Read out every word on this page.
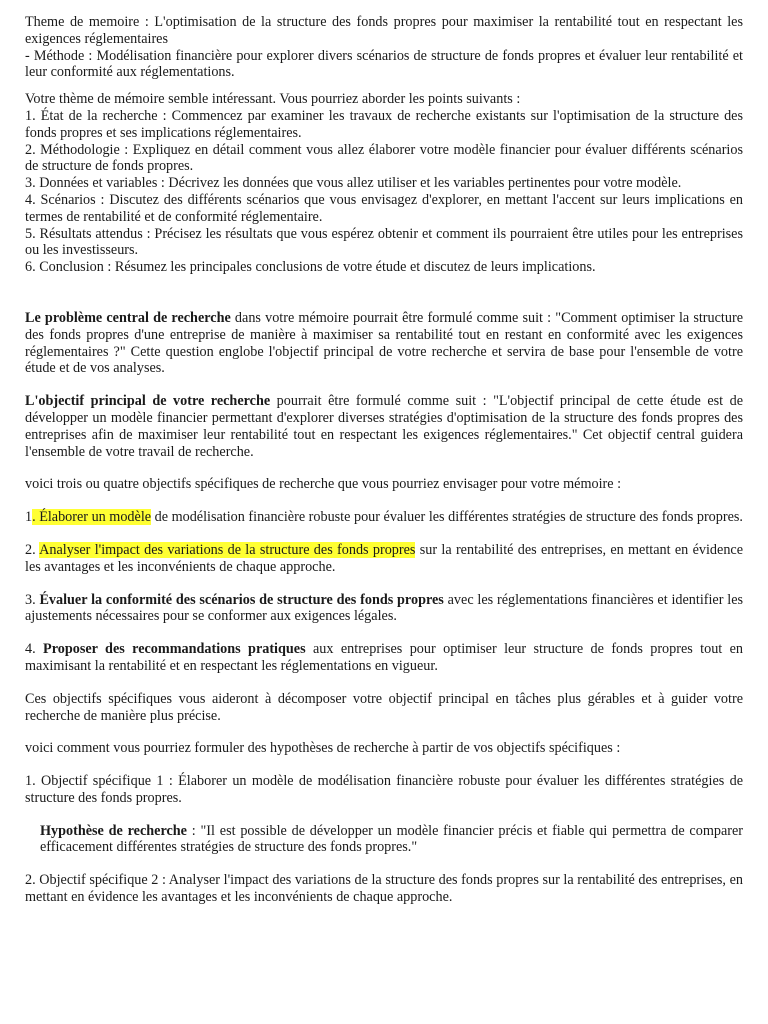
Theme de memoire : L'optimisation de la structure des fonds propres pour maximiser la rentabilité tout en respectant les exigences réglementaires

- Méthode : Modélisation financière pour explorer divers scénarios de structure de fonds propres et évaluer leur rentabilité et leur conformité aux réglementations.

Votre thème de mémoire semble intéressant. Vous pourriez aborder les points suivants :

1. État de la recherche : Commencez par examiner les travaux de recherche existants sur l'optimisation de la structure des fonds propres et ses implications réglementaires.

2. Méthodologie : Expliquez en détail comment vous allez élaborer votre modèle financier pour évaluer différents scénarios de structure de fonds propres.

3. Données et variables : Décrivez les données que vous allez utiliser et les variables pertinentes pour votre modèle.

4. Scénarios : Discutez des différents scénarios que vous envisagez d'explorer, en mettant l'accent sur leurs implications en termes de rentabilité et de conformité réglementaire.

5. Résultats attendus : Précisez les résultats que vous espérez obtenir et comment ils pourraient être utiles pour les entreprises ou les investisseurs.

6. Conclusion : Résumez les principales conclusions de votre étude et discutez de leurs implications.

Le problème central de recherche dans votre mémoire pourrait être formulé comme suit : "Comment optimiser la structure des fonds propres d'une entreprise de manière à maximiser sa rentabilité tout en restant en conformité avec les exigences réglementaires ?" Cette question englobe l'objectif principal de votre recherche et servira de base pour l'ensemble de votre étude et de vos analyses.

L'objectif principal de votre recherche pourrait être formulé comme suit : "L'objectif principal de cette étude est de développer un modèle financier permettant d'explorer diverses stratégies d'optimisation de la structure des fonds propres des entreprises afin de maximiser leur rentabilité tout en respectant les exigences réglementaires." Cet objectif central guidera l'ensemble de votre travail de recherche.

voici trois ou quatre objectifs spécifiques de recherche que vous pourriez envisager pour votre mémoire :

1. Élaborer un modèle de modélisation financière robuste pour évaluer les différentes stratégies de structure des fonds propres.

2. Analyser l'impact des variations de la structure des fonds propres sur la rentabilité des entreprises, en mettant en évidence les avantages et les inconvénients de chaque approche.

3. Évaluer la conformité des scénarios de structure des fonds propres avec les réglementations financières et identifier les ajustements nécessaires pour se conformer aux exigences légales.

4. Proposer des recommandations pratiques aux entreprises pour optimiser leur structure de fonds propres tout en maximisant la rentabilité et en respectant les réglementations en vigueur.

Ces objectifs spécifiques vous aideront à décomposer votre objectif principal en tâches plus gérables et à guider votre recherche de manière plus précise.

voici comment vous pourriez formuler des hypothèses de recherche à partir de vos objectifs spécifiques :

1. Objectif spécifique 1 : Élaborer un modèle de modélisation financière robuste pour évaluer les différentes stratégies de structure des fonds propres.

Hypothèse de recherche : "Il est possible de développer un modèle financier précis et fiable qui permettra de comparer efficacement différentes stratégies de structure des fonds propres."

2. Objectif spécifique 2 : Analyser l'impact des variations de la structure des fonds propres sur la rentabilité des entreprises, en mettant en évidence les avantages et les inconvénients de chaque approche.
